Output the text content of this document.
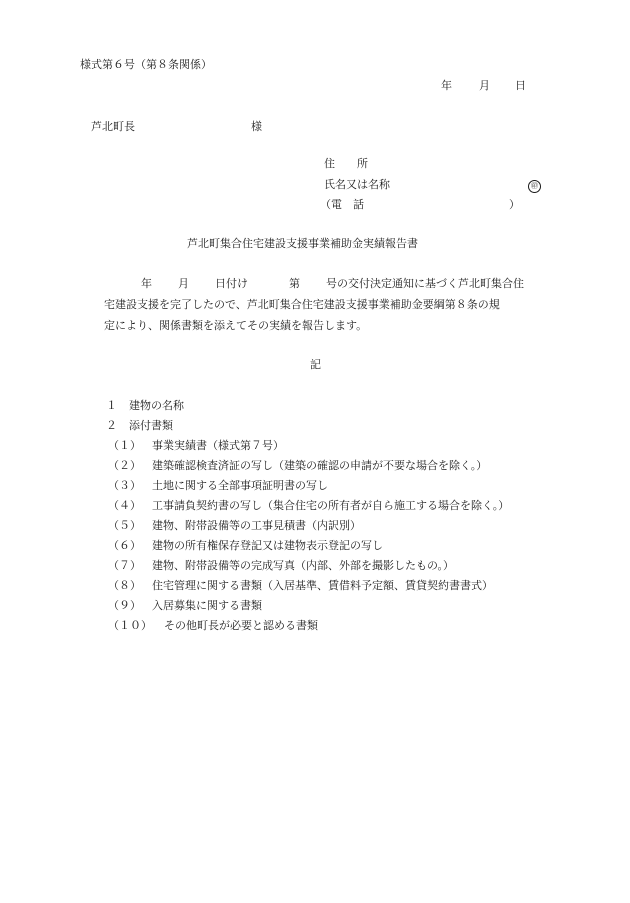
様式第６号（第８条関係）
年 月 日
芦北町長	様
住　　所
氏名又は名称	㊞
（電　話	）
芦北町集合住宅建設支援事業補助金実績報告書
年 月 日付け	第 号の交付決定通知に基づく芦北町集合住
宅建設支援を完了したので、芦北町集合住宅建設支援事業補助金要綱第８条の規
定により、関係書類を添えてその実績を報告します。
記
１ 建物の名称
２ 添付書類
（１） 事業実績書（様式第７号）
（２） 建築確認検査済証の写し（建築の確認の申請が不要な場合を除く。）
（３） 土地に関する全部事項証明書の写し
（４） 工事請負契約書の写し（集合住宅の所有者が自ら施工する場合を除く。）
（５） 建物、附帯設備等の工事見積書（内訳別）
（６） 建物の所有権保存登記又は建物表示登記の写し
（７） 建物、附帯設備等の完成写真（内部、外部を撮影したもの。）
（８） 住宅管理に関する書類（入居基準、賃借料予定額、賃貸契約書書式）
（９） 入居募集に関する書類
（１０） その他町長が必要と認める書類
